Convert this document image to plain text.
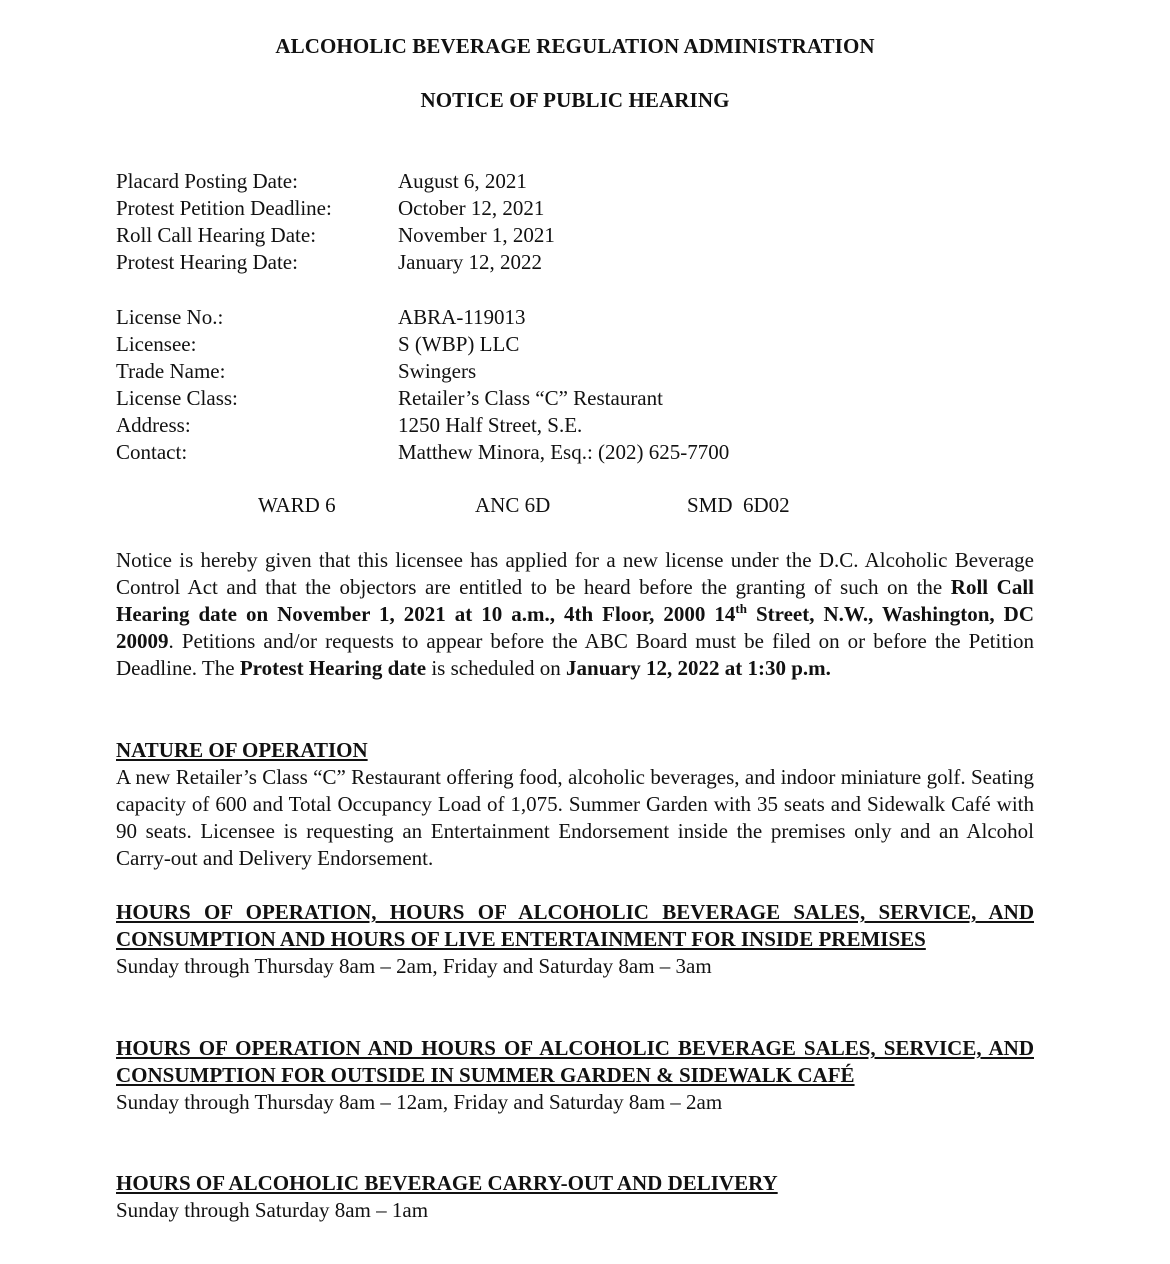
ALCOHOLIC BEVERAGE REGULATION ADMINISTRATION
NOTICE OF PUBLIC HEARING
Placard Posting Date:	August 6, 2021
Protest Petition Deadline:	October 12, 2021
Roll Call Hearing Date:	November 1, 2021
Protest Hearing Date:	January 12, 2022
License No.:	ABRA-119013
Licensee:	S (WBP) LLC
Trade Name:	Swingers
License Class:	Retailer’s Class “C” Restaurant
Address:	1250 Half Street, S.E.
Contact:	Matthew Minora, Esq.: (202) 625-7700
WARD 6	ANC 6D	SMD  6D02
Notice is hereby given that this licensee has applied for a new license under the D.C. Alcoholic Beverage Control Act and that the objectors are entitled to be heard before the granting of such on the Roll Call Hearing date on November 1, 2021 at 10 a.m., 4th Floor, 2000 14th Street, N.W., Washington, DC 20009. Petitions and/or requests to appear before the ABC Board must be filed on or before the Petition Deadline. The Protest Hearing date is scheduled on January 12, 2022 at 1:30 p.m.
NATURE OF OPERATION
A new Retailer’s Class “C” Restaurant offering food, alcoholic beverages, and indoor miniature golf. Seating capacity of 600 and Total Occupancy Load of 1,075. Summer Garden with 35 seats and Sidewalk Café with 90 seats. Licensee is requesting an Entertainment Endorsement inside the premises only and an Alcohol Carry-out and Delivery Endorsement.
HOURS OF OPERATION, HOURS OF ALCOHOLIC BEVERAGE SALES, SERVICE, AND CONSUMPTION AND HOURS OF LIVE ENTERTAINMENT FOR INSIDE PREMISES
Sunday through Thursday 8am – 2am, Friday and Saturday 8am – 3am
HOURS OF OPERATION AND HOURS OF ALCOHOLIC BEVERAGE SALES, SERVICE, AND CONSUMPTION FOR OUTSIDE IN SUMMER GARDEN & SIDEWALK CAFÉ
Sunday through Thursday 8am – 12am, Friday and Saturday 8am – 2am
HOURS OF ALCOHOLIC BEVERAGE CARRY-OUT AND DELIVERY
Sunday through Saturday 8am – 1am
